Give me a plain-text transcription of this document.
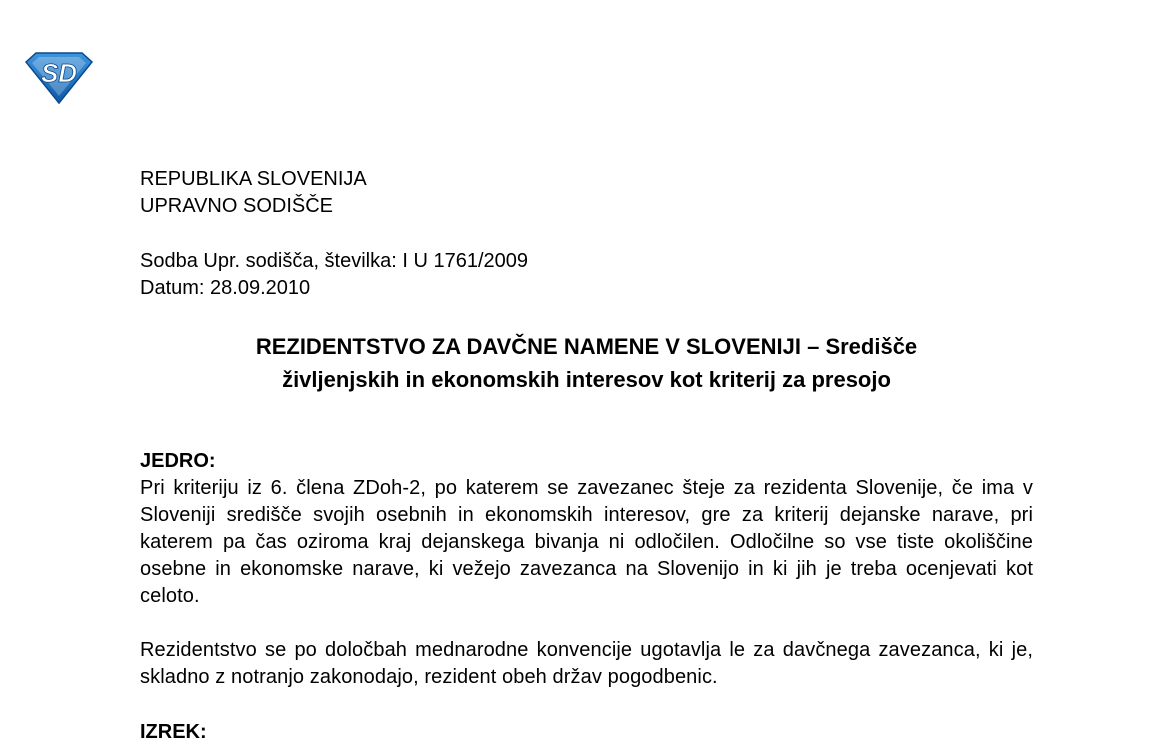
SD
REPUBLIKA SLOVENIJA
UPRAVNO SODIŠČE
Sodba Upr. sodišča, številka: I U 1761/2009
Datum: 28.09.2010
REZIDENTSTVO ZA DAVČNE NAMENE V SLOVENIJI – Središče
življenjskih in ekonomskih interesov kot kriterij za presojo
JEDRO:
Pri kriteriju iz 6. člena ZDoh-2, po katerem se zavezanec šteje za rezidenta Slovenije, če ima v Sloveniji središče svojih osebnih in ekonomskih interesov, gre za kriterij dejanske narave, pri katerem pa čas oziroma kraj dejanskega bivanja ni odločilen. Odločilne so vse tiste okoliščine osebne in ekonomske narave, ki vežejo zavezanca na Slovenijo in ki jih je treba ocenjevati kot celoto.
Rezidentstvo se po določbah mednarodne konvencije ugotavlja le za davčnega zavezanca, ki je, skladno z notranjo zakonodajo, rezident obeh držav pogodbenic.
IZREK:
